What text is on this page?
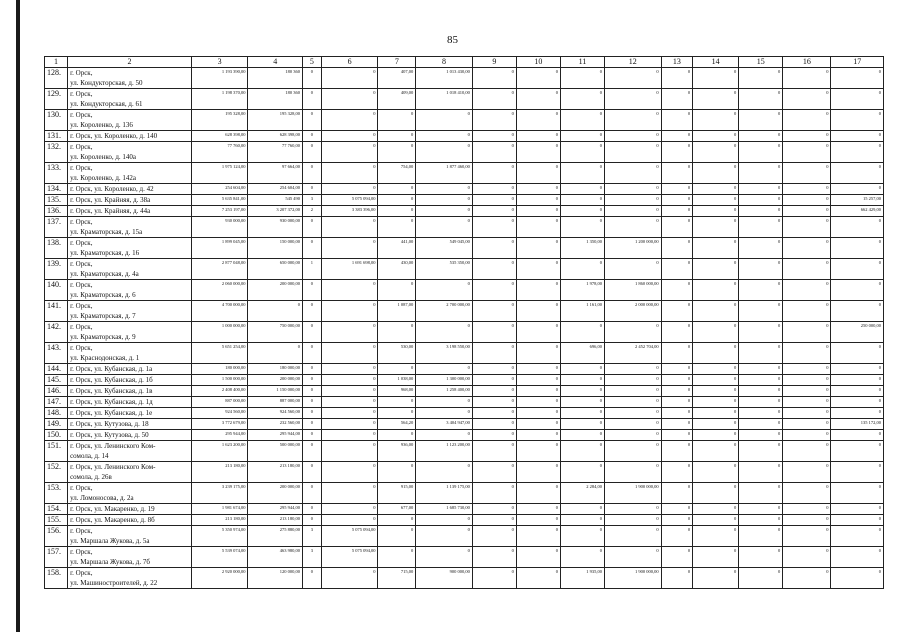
85
1	2	3	4	5	6	7	8	9	10	11	12	13	14	15	16	17
128.	г. Орск,
ул. Кондукторская, д. 50	1 193 390,00	180 360	0	0	407,00	1 013 430,00	0	0	0	0	0	0	0	0	0
129.	г. Орск,
ул. Кондукторская, д. 61	1 198 370,00	180 360	0	0	409,00	1 018 410,00	0	0	0	0	0	0	0	0	0
130.	г. Орск,
ул. Короленко, д. 136	195 328,00	195 328,00	0	0	0	0	0	0	0	0	0	0	0	0	0
131.	г. Орск, ул. Короленко, д. 140	628 398,00	628 398,00	0	0	0	0	0	0	0	0	0	0	0	0	0
132.	г. Орск,
ул. Короленко, д. 140а	77 760,00	77 760,00	0	0	0	0	0	0	0	0	0	0	0	0	0
133.	г. Орск,
ул. Короленко, д. 142а	1 975 124,00	97 664,00	0	0	754,00	1 877 460,00	0	0	0	0	0	0	0	0	0
134.	г. Орск, ул. Короленко, д. 42	254 604,00	254 604,00	0	0	0	0	0	0	0	0	0	0	0	0	0
135.	г. Орск, ул. Крайняя, д. 38а	5 635 841,00	545 490	3	5 075 094,00	0	0	0	0	0	0	0	0	0	0	15 257,00
136.	г. Орск, ул. Крайняя, д. 44а	7 253 197,00	3 207 372,00	2	3 383 396,00	0	0	0	0	0	0	0	0	0	0	662 429,00
137.	г. Орск,
ул. Краматорская, д. 15а	930 000,00	930 000,00	0	0	0	0	0	0	0	0	0	0	0	0	0
138.	г. Орск,
ул. Краматорская, д. 16	1 899 045,00	150 000,00	0	0	441,00	549 045,00	0	0	1 350,00	1 200 000,00	0	0	0	0	0
139.	г. Орск,
ул. Краматорская, д. 4а	2 877 048,00	650 000,00	1	1 691 698,00	430,00	535 350,00	0	0	0	0	0	0	0	0	0
140.	г. Орск,
ул. Краматорская, д. 6	2 060 000,00	200 000,00	0	0	0	0	0	0	1 978,00	1 860 000,00	0	0	0	0	0
141.	г. Орск,
ул. Краматорская, д. 7	4 700 000,00	0	0	0	1 087,00	2 700 000,00	0	0	1 161,00	2 000 000,00	0	0	0	0	0
142.	г. Орск,
ул. Краматорская, д. 9	1 000 000,00	750 000,00	0	0	0	0	0	0	0	0	0	0	0	0	250 000,00
143.	г. Орск,
ул. Краснодонская, д. 1	5 651 254,00	0	0	0	530,00	3 198 550,00	0	0	696,00	2 452 704,00	0	0	0	0	0
144.	г. Орск, ул. Кубанская, д. 1а	180 000,00	180 000,00	0	0	0	0	0	0	0	0	0	0	0	0	0
145.	г. Орск, ул. Кубанская, д. 1б	1 500 000,00	200 000,00	0	0	1 038,00	1 300 000,00	0	0	0	0	0	0	0	0	0
146.	г. Орск, ул. Кубанская, д. 1в	2 408 400,00	1 150 000,00	0	0	968,00	1 258 400,00	0	0	0	0	0	0	0	0	0
147.	г. Орск, ул. Кубанская, д. 1д	887 000,00	887 000,00	0	0	0	0	0	0	0	0	0	0	0	0	0
148.	г. Орск, ул. Кубанская, д. 1е	924 560,00	924 560,00	0	0	0	0	0	0	0	0	0	0	0	0	0
149.	г. Орск, ул. Кутузова, д. 18	3 772 679,00	232 560,00	0	0	564,20	3 404 947,00	0	0	0	0	0	0	0	0	135 172,00
150.	г. Орск, ул. Кутузова, д. 50	295 944,00	295 944,00	0	0	0	0	0	0	0	0	0	0	0	0	0
151.	г. Орск, ул. Ленинского Ком-
сомола, д. 14	1 623 200,00	500 000,00	0	0	936,00	1 123 200,00	0	0	0	0	0	0	0	0	0
152.	г. Орск, ул. Ленинского Ком-
сомола, д. 26в	213 180,00	213 180,00	0	0	0	0	0	0	0	0	0	0	0	0	0
153.	г. Орск,
ул. Ломоносова, д. 2а	3 239 175,00	200 000,00	0	0	915,00	1 139 175,00	0	0	2 284,00	1 900 000,00	0	0	0	0	0
154.	г. Орск, ул. Макаренко, д. 19	1 981 674,00	295 944,00	0	0	677,00	1 685 730,00	0	0	0	0	0	0	0	0	0
155.	г. Орск, ул. Макаренко, д. 8б	213 180,00	213 180,00	0	0	0	0	0	0	0	0	0	0	0	0	0
156.	г. Орск,
ул. Маршала Жукова, д. 5а	5 350 974,00	275 880,00	3	5 075 094,00	0	0	0	0	0	0	0	0	0	0	0
157.	г. Орск,
ул. Маршала Жукова, д. 7б	5 539 074,00	463 980,00	3	5 075 094,00	0	0	0	0	0	0	0	0	0	0	0
158.	г. Орск,
ул. Машиностроителей, д. 22	2 920 000,00	120 000,00	0	0	715,00	900 000,00	0	0	1 935,00	1 900 000,00	0	0	0	0	0
